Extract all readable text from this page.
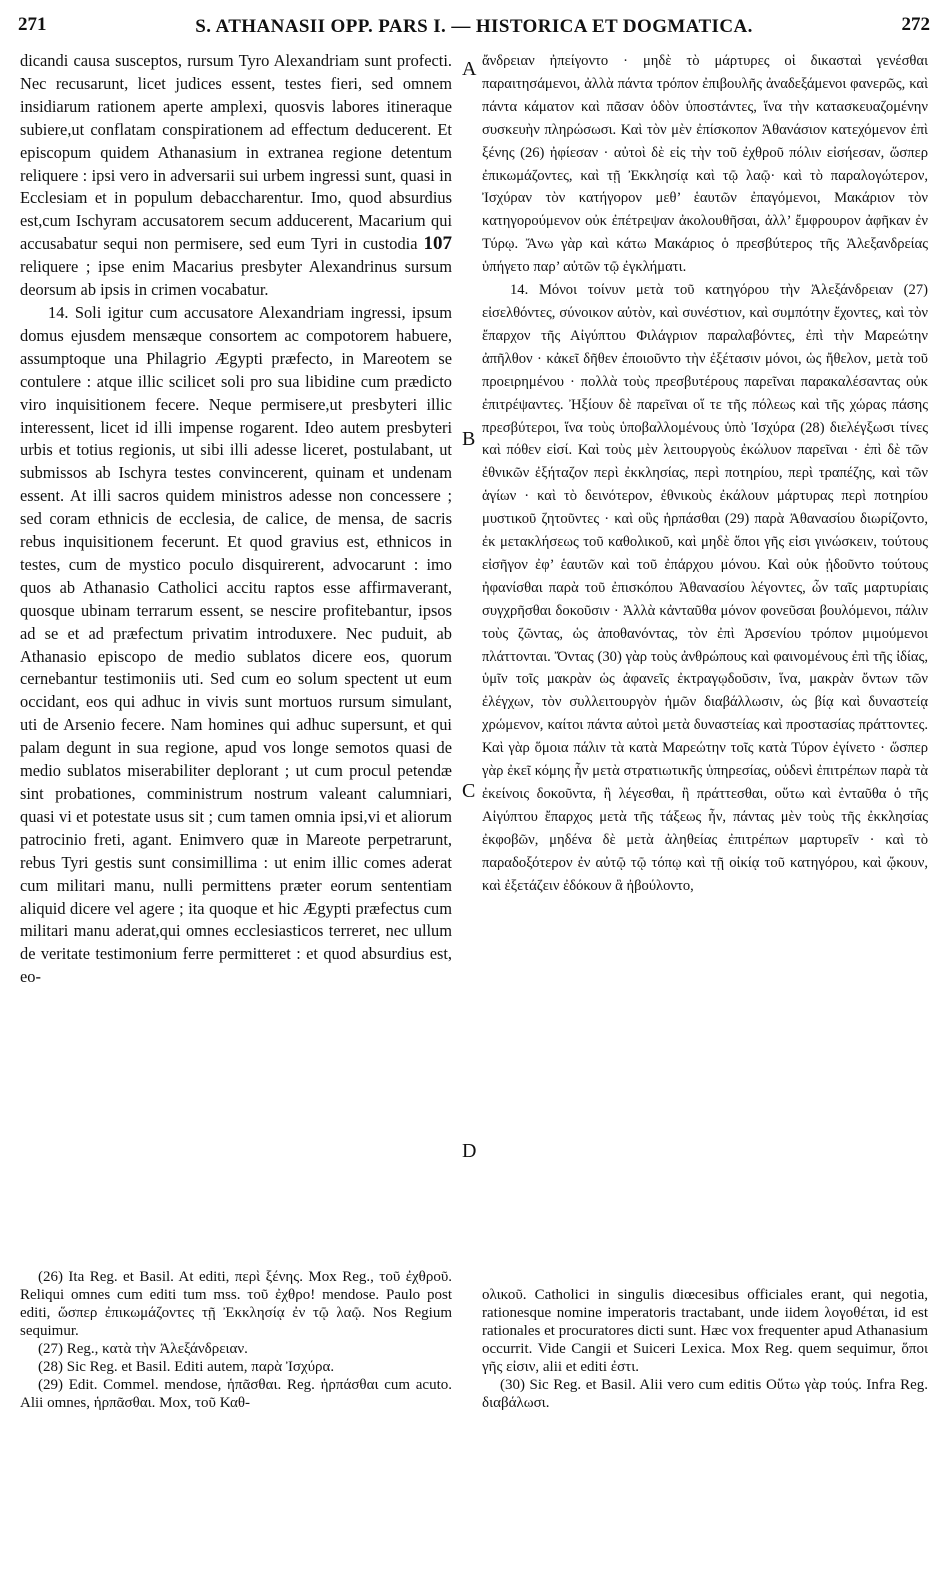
271	S. ATHANASII OPP. PARS I. — HISTORICA ET DOGMATICA.	272

dicandi causa susceptos, rursum Tyro Alexandriam sunt profecti. Nec recusarunt, licet judices essent, testes fieri, sed omnem insidiarum rationem aperte amplexi, quosvis labores itineraque subiere,ut conflatam conspirationem ad effectum deducerent. Et episcopum quidem Athanasium in extranea regione detentum reliquere : ipsi vero in adversarii sui urbem ingressi sunt, quasi in Ecclesiam et in populum debaccharentur. Imo, quod absurdius est,cum Ischyram accusatorem secum adducerent, Macarium qui accusabatur sequi non permisere, sed eum	107
Tyri in custodia reliquere ; ipse enim Macarius presbyter Alexandrinus sursum deorsum ab ipsis in crimen vocabatur.

14. Soli igitur cum accusatore Alexandriam ingressi, ipsum domus ejusdem mensæque consortem ac compotorem habuere, assumptoque una Philagrio Ægypti præfecto, in Mareotem se contulere : atque illic scilicet soli pro sua libidine cum prædicto viro inquisitionem fecere. Neque permisere,ut presbyteri illic interessent, licet id illi impense rogarent. Ideo autem presbyteri urbis et totius regionis, ut sibi illi adesse liceret, postulabant, ut submissos ab Ischyra testes convincerent, quinam et undenam essent. At illi sacros quidem ministros adesse non concessere ; sed coram ethnicis de ecclesia, de calice, de mensa, de sacris rebus inquisitionem fecerunt. Et quod gravius est, ethnicos in testes, cum de mystico poculo disquirerent, advocarunt : imo quos ab Athanasio Catholici accitu raptos esse affirmaverant, quosque ubinam terrarum essent, se nescire profitebantur, ipsos ad se et ad præfectum privatim introduxere. Nec puduit, ab Athanasio episcopo de medio sublatos dicere eos, quorum cernebantur testimoniis uti. Sed cum eo solum spectent ut eum occidant, eos qui adhuc in vivis sunt mortuos rursum simulant, uti de Arsenio fecere. Nam homines qui adhuc supersunt, et qui palam degunt in sua regione, apud vos longe semotos quasi de medio sublatos miserabiliter deplorant ; ut cum procul petendæ sint probationes, comministrum nostrum valeant calumniari, quasi vi et potestate usus sit ; cum tamen omnia ipsi,vi et aliorum patrocinio freti, agant. Enimvero quæ in Mareote perpetrarunt, rebus Tyri gestis sunt consimillima : ut enim illic comes aderat cum militari manu, nulli permittens præter eorum sententiam aliquid dicere vel agere ; ita quoque et hic Ægypti præfectus cum militari manu aderat,qui omnes ecclesiasticos terreret, nec ullum de veritate testimonium ferre permitteret : et quod absurdius est, eo-

ἄνδρειαν ἠπείγοντο · μηδὲ τὸ μάρτυρες οἱ δικασταὶ γενέσθαι παραιτησάμενοι, ἀλλὰ πάντα τρόπον ἐπιβουλῆς ἀναδεξάμενοι φανερῶς, καὶ πάντα κάματον καὶ πᾶσαν ὁδὸν ὑποστάντες, ἵνα τὴν κατασκευαζομένην συσκευὴν πληρώσωσι. Καὶ τὸν μὲν ἐπίσκοπον Ἀθανάσιον κατεχόμενον ἐπὶ ξένης (26) ἠφίεσαν · αὐτοὶ δὲ εἰς τὴν τοῦ ἐχθροῦ πόλιν εἰσήεσαν, ὥσπερ ἐπικωμάζοντες, καὶ τῇ Ἐκκλησίᾳ καὶ τῷ λαῷ· καὶ τὸ παραλογώτερον, Ἰσχύραν τὸν κατήγορον μεθ’ ἑαυτῶν ἐπαγόμενοι, Μακάριον τὸν κατηγορούμενον οὐκ ἐπέτρεψαν ἀκολουθῆσαι, ἀλλ’ ἔμφρουρον ἀφῆκαν ἐν Τύρῳ. Ἄνω γὰρ καὶ κάτω Μακάριος ὁ πρεσβύτερος τῆς Ἀλεξανδρείας ὑπήγετο παρ’ αὐτῶν τῷ ἐγκλήματι.

14. Μόνοι τοίνυν μετὰ τοῦ κατηγόρου τὴν Ἀλεξάνδρειαν (27) εἰσελθόντες, σύνοικον αὐτὸν, καὶ συνέστιον, καὶ συμπότην ἔχοντες, καὶ τὸν ἔπαρχον τῆς Αἰγύπτου Φιλάγριον παραλαβόντες, ἐπὶ τὴν Μαρεώτην ἀπῆλθον · κἀκεῖ δῆθεν ἐποιοῦντο τὴν ἐξέτασιν μόνοι, ὡς ἤθελον, μετὰ τοῦ προειρημένου · πολλὰ τοὺς πρεσβυτέρους παρεῖναι παρακαλέσαντας οὐκ ἐπιτρέψαντες. Ἠξίουν δὲ παρεῖναι οἵ τε τῆς πόλεως καὶ τῆς χώρας πάσης πρεσβύτεροι, ἵνα τοὺς ὑποβαλλομένους ὑπὸ Ἰσχύρα (28) διελέγξωσι τίνες καὶ πόθεν εἰσί. Καὶ τοὺς μὲν λειτουργοὺς ἐκώλυον παρεῖναι · ἐπὶ δὲ τῶν ἐθνικῶν ἐξήταζον περὶ ἐκκλησίας, περὶ ποτηρίου, περὶ τραπέζης, καὶ τῶν ἁγίων · καὶ τὸ δεινότερον, ἐθνικοὺς ἐκάλουν μάρτυρας περὶ ποτηρίου μυστικοῦ ζητοῦντες · καὶ οὓς ἡρπάσθαι (29) παρὰ Ἀθανασίου διωρίζοντο, ἐκ μετακλήσεως τοῦ καθολικοῦ, καὶ μηδὲ ὅποι γῆς εἰσι γινώσκειν, τούτους εἰσῆγον ἐφ’ ἑαυτῶν καὶ τοῦ ἐπάρχου μόνου. Καὶ οὐκ ᾐδοῦντο τούτους ἠφανίσθαι παρὰ τοῦ ἐπισκόπου Ἀθανασίου λέγοντες, ὧν ταῖς μαρτυρίαις συγχρῆσθαι δοκοῦσιν · Ἀλλὰ κἀνταῦθα μόνον φονεῦσαι βουλόμενοι, πάλιν τοὺς ζῶντας, ὡς ἀποθανόντας, τὸν ἐπὶ Ἀρσενίου τρόπον μιμούμενοι πλάττονται. Ὄντας (30) γὰρ τοὺς ἀνθρώπους καὶ φαινομένους ἐπὶ τῆς ἰδίας, ὑμῖν τοῖς μακρὰν ὡς ἀφανεῖς ἐκτραγῳδοῦσιν, ἵνα, μακρὰν ὄντων τῶν ἐλέγχων, τὸν συλλειτουργὸν ἡμῶν διαβάλλωσιν, ὡς βίᾳ καὶ δυναστείᾳ χρώμενον, καίτοι πάντα αὐτοὶ μετὰ δυναστείας καὶ προστασίας πράττοντες. Καὶ γὰρ ὅμοια πάλιν τὰ κατὰ Μαρεώτην τοῖς κατὰ Τύρον ἐγίνετο · ὥσπερ γὰρ ἐκεῖ κόμης ἦν μετὰ στρατιωτικῆς ὑπηρεσίας, οὐδενὶ ἐπιτρέπων παρὰ τὰ ἐκείνοις δοκοῦντα, ἢ λέγεσθαι, ἢ πράττεσθαι, οὕτω καὶ ἐνταῦθα ὁ τῆς Αἰγύπτου ἔπαρχος μετὰ τῆς τάξεως ἦν, πάντας μὲν τοὺς τῆς ἐκκλησίας ἐκφοβῶν, μηδένα δὲ μετὰ ἀληθείας ἐπιτρέπων μαρτυρεῖν · καὶ τὸ παραδοξότερον ἐν αὐτῷ τῷ τόπῳ καὶ τῇ οἰκίᾳ τοῦ κατηγόρου, καὶ ᾤκουν, καὶ ἐξετάζειν ἐδόκουν ἃ ἠβούλοντο,

A
B
C
D

(26) Ita Reg. et Basil. At editi, περὶ ξένης. Mox Reg., τοῦ ἐχθροῦ. Reliqui omnes cum editi tum mss. τοῦ ἐχθρο! mendose. Paulo post editi, ὥσπερ ἐπικωμάζοντες τῇ Ἐκκλησίᾳ ἐν τῷ λαῷ. Nos Regium sequimur.

(27) Reg., κατὰ τὴν Ἀλεξάνδρειαν.

(28) Sic Reg. et Basil. Editi autem, παρὰ Ἰσχύρα.

(29) Edit. Commel. mendose, ἡπᾶσθαι. Reg. ἡρπάσθαι cum acuto. Alii omnes, ἡρπᾶσθαι. Mox, τοῦ Καθ-

ολικοῦ. Catholici in singulis diœcesibus officiales erant, qui negotia, rationesque nomine imperatoris tractabant, unde iidem λογοθέται, id est rationales et procuratores dicti sunt. Hæc vox frequenter apud Athanasium occurrit. Vide Cangii et Suiceri Lexica. Mox Reg. quem sequimur, ὅποι γῆς εἰσιν, alii et editi ἐστι.

(30) Sic Reg. et Basil. Alii vero cum editis Οὕτω γὰρ τούς. Infra Reg. διαβάλωσι.
